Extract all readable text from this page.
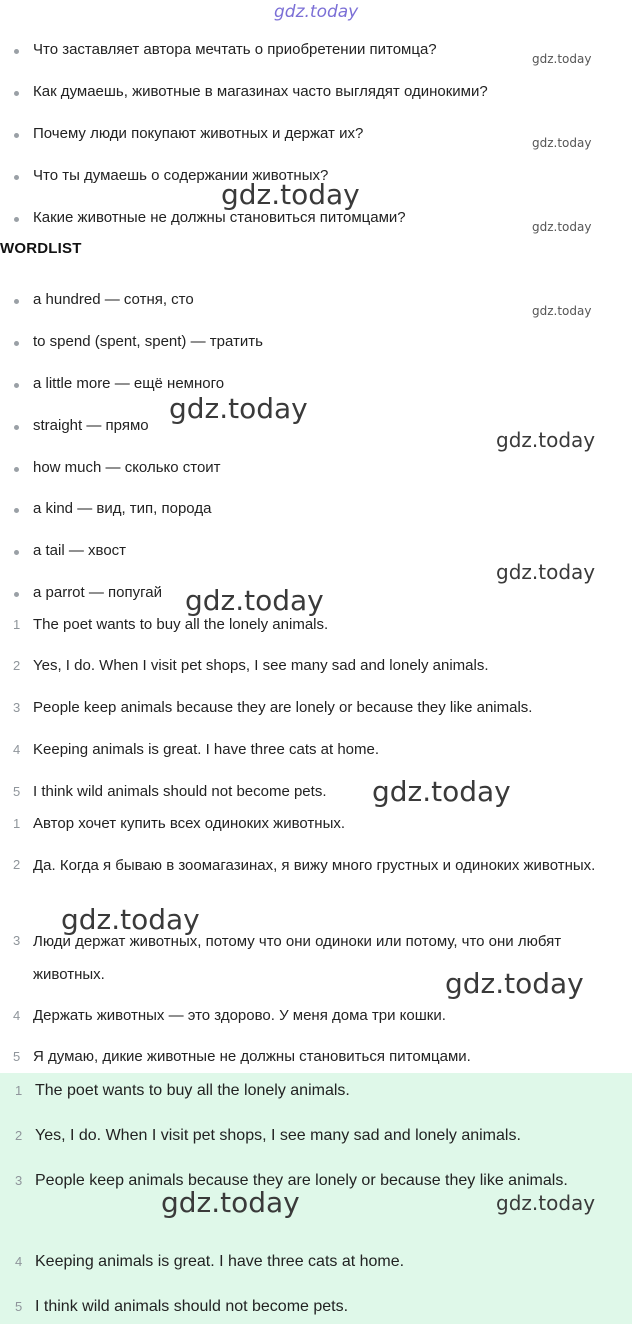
gdz.today
Что заставляет автора мечтать о приобретении питомца?
Как думаешь, животные в магазинах часто выглядят одинокими?
Почему люди покупают животных и держат их?
Что ты думаешь о содержании животных?
Какие животные не должны становиться питомцами?
WORDLIST
a hundred — сотня, сто
to spend (spent, spent) — тратить
a little more — ещё немного
straight — прямо
how much — сколько стоит
a kind — вид, тип, порода
a tail — хвост
a parrot — попугай
1 The poet wants to buy all the lonely animals.
2 Yes, I do. When I visit pet shops, I see many sad and lonely animals.
3 People keep animals because they are lonely or because they like animals.
4 Keeping animals is great. I have three cats at home.
5 I think wild animals should not become pets.
1 Автор хочет купить всех одиноких животных.
2 Да. Когда я бываю в зоомагазинах, я вижу много грустных и одиноких животных.
3 Люди держат животных, потому что они одиноки или потому, что они любят животных.
4 Держать животных — это здорово. У меня дома три кошки.
5 Я думаю, дикие животные не должны становиться питомцами.
1 The poet wants to buy all the lonely animals.
2 Yes, I do. When I visit pet shops, I see many sad and lonely animals.
3 People keep animals because they are lonely or because they like animals.
4 Keeping animals is great. I have three cats at home.
5 I think wild animals should not become pets.
gdz.today
gdz.today
gdz.today
gdz.today
gdz.today
gdz.today
gdz.today
gdz.today
gdz.today
gdz.today
gdz.today
gdz.today
gdz.today	gdz.today
